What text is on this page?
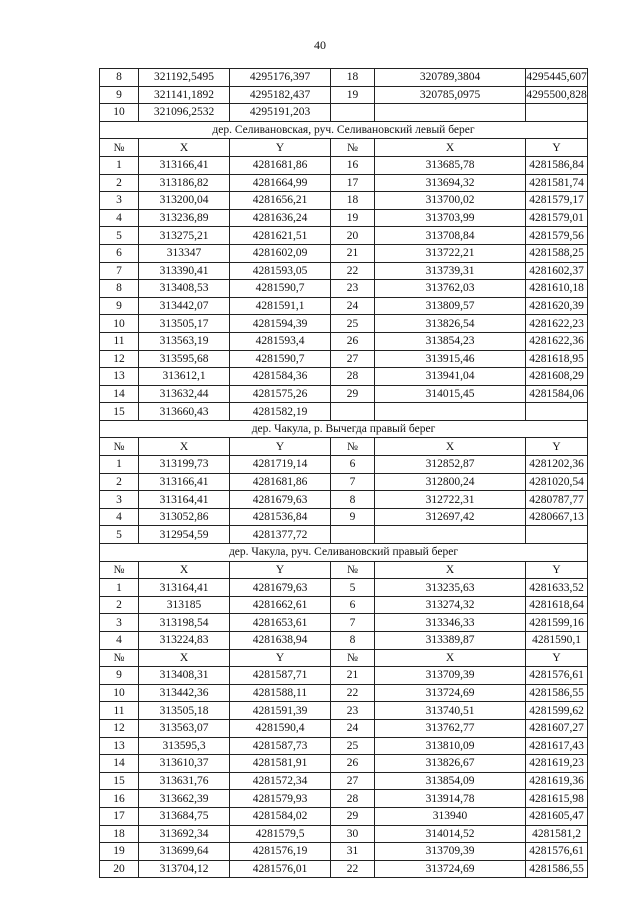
40
8	321192,5495	4295176,397	18	320789,3804	4295445,607
9	321141,1892	4295182,437	19	320785,0975	4295500,828
10	321096,2532	4295191,203			
дер. Селивановская, руч. Селивановский левый берег					
№	X	Y	№	X	Y
1	313166,41	4281681,86	16	313685,78	4281586,84
2	313186,82	4281664,99	17	313694,32	4281581,74
3	313200,04	4281656,21	18	313700,02	4281579,17
4	313236,89	4281636,24	19	313703,99	4281579,01
5	313275,21	4281621,51	20	313708,84	4281579,56
6	313347	4281602,09	21	313722,21	4281588,25
7	313390,41	4281593,05	22	313739,31	4281602,37
8	313408,53	4281590,7	23	313762,03	4281610,18
9	313442,07	4281591,1	24	313809,57	4281620,39
10	313505,17	4281594,39	25	313826,54	4281622,23
11	313563,19	4281593,4	26	313854,23	4281622,36
12	313595,68	4281590,7	27	313915,46	4281618,95
13	313612,1	4281584,36	28	313941,04	4281608,29
14	313632,44	4281575,26	29	314015,45	4281584,06
15	313660,43	4281582,19			
дер. Чакула, р. Вычегда правый берег					
№	X	Y	№	X	Y
1	313199,73	4281719,14	6	312852,87	4281202,36
2	313166,41	4281681,86	7	312800,24	4281020,54
3	313164,41	4281679,63	8	312722,31	4280787,77
4	313052,86	4281536,84	9	312697,42	4280667,13
5	312954,59	4281377,72			
дер. Чакула, руч. Селивановский правый берег					
№	X	Y	№	X	Y
1	313164,41	4281679,63	5	313235,63	4281633,52
2	313185	4281662,61	6	313274,32	4281618,64
3	313198,54	4281653,61	7	313346,33	4281599,16
4	313224,83	4281638,94	8	313389,87	4281590,1
№	X	Y	№	X	Y
9	313408,31	4281587,71	21	313709,39	4281576,61
10	313442,36	4281588,11	22	313724,69	4281586,55
11	313505,18	4281591,39	23	313740,51	4281599,62
12	313563,07	4281590,4	24	313762,77	4281607,27
13	313595,3	4281587,73	25	313810,09	4281617,43
14	313610,37	4281581,91	26	313826,67	4281619,23
15	313631,76	4281572,34	27	313854,09	4281619,36
16	313662,39	4281579,93	28	313914,78	4281615,98
17	313684,75	4281584,02	29	313940	4281605,47
18	313692,34	4281579,5	30	314014,52	4281581,2
19	313699,64	4281576,19	31	313709,39	4281576,61
20	313704,12	4281576,01	22	313724,69	4281586,55
